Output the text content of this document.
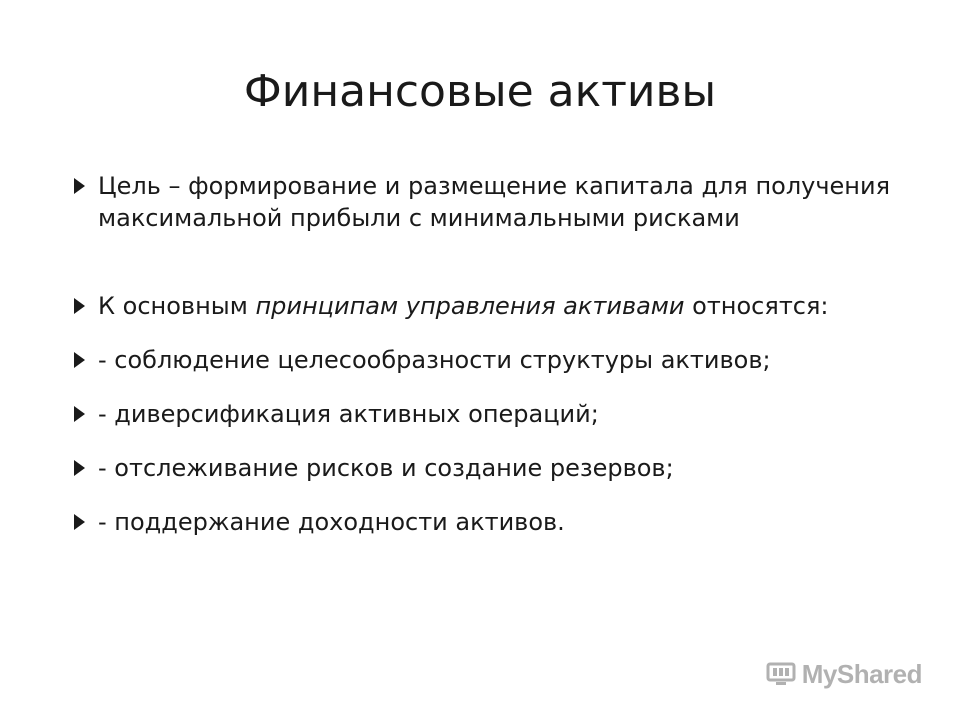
Финансовые активы
Цель – формирование и размещение капитала для получения максимальной прибыли с минимальными рисками
К основным принципам управления активами относятся:
- соблюдение целесообразности структуры активов;
- диверсификация активных операций;
- отслеживание рисков и создание резервов;
- поддержание доходности активов.
MyShared
